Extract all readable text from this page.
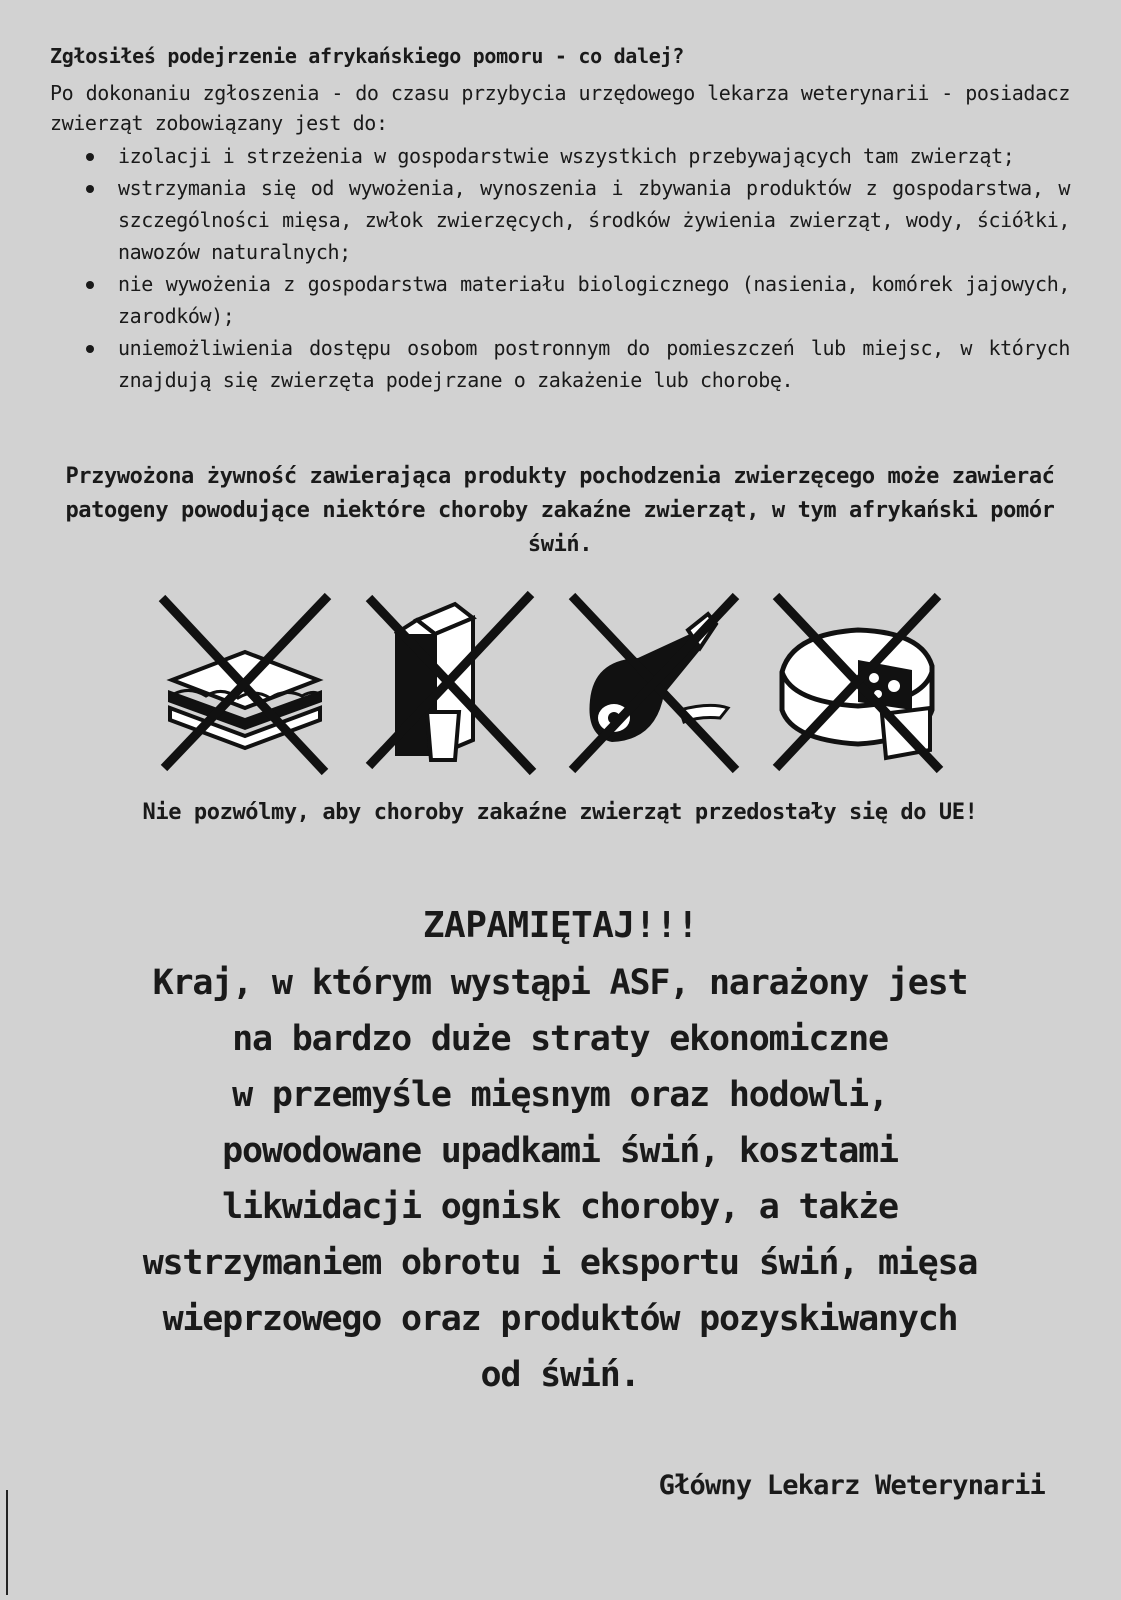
Zgłosiłeś podejrzenie afrykańskiego pomoru - co dalej?

Po dokonaniu zgłoszenia - do czasu przybycia urzędowego lekarza weterynarii - posiadacz zwierząt zobowiązany jest do:

izolacji i strzeżenia w gospodarstwie wszystkich przebywających tam zwierząt;
wstrzymania się od wywożenia, wynoszenia i zbywania produktów z gospodarstwa, w szczególności mięsa, zwłok zwierzęcych, środków żywienia zwierząt, wody, ściółki, nawozów naturalnych;
nie wywożenia z gospodarstwa materiału biologicznego (nasienia, komórek jajowych, zarodków);
uniemożliwienia dostępu osobom postronnym do pomieszczeń lub miejsc, w których znajdują się zwierzęta podejrzane o zakażenie lub chorobę.

Przywożona żywność zawierająca produkty pochodzenia zwierzęcego może zawierać patogeny powodujące niektóre choroby zakaźne zwierząt, w tym afrykański pomór świń.

Nie pozwólmy, aby choroby zakaźne zwierząt przedostały się do UE!

ZAPAMIĘTAJ!!!

Kraj, w którym wystąpi ASF, narażony jest
na bardzo duże straty ekonomiczne
w przemyśle mięsnym oraz hodowli,
powodowane upadkami świń, kosztami
likwidacji ognisk choroby, a także
wstrzymaniem obrotu i eksportu świń, mięsa
wieprzowego oraz produktów pozyskiwanych
od świń.

Główny Lekarz Weterynarii
